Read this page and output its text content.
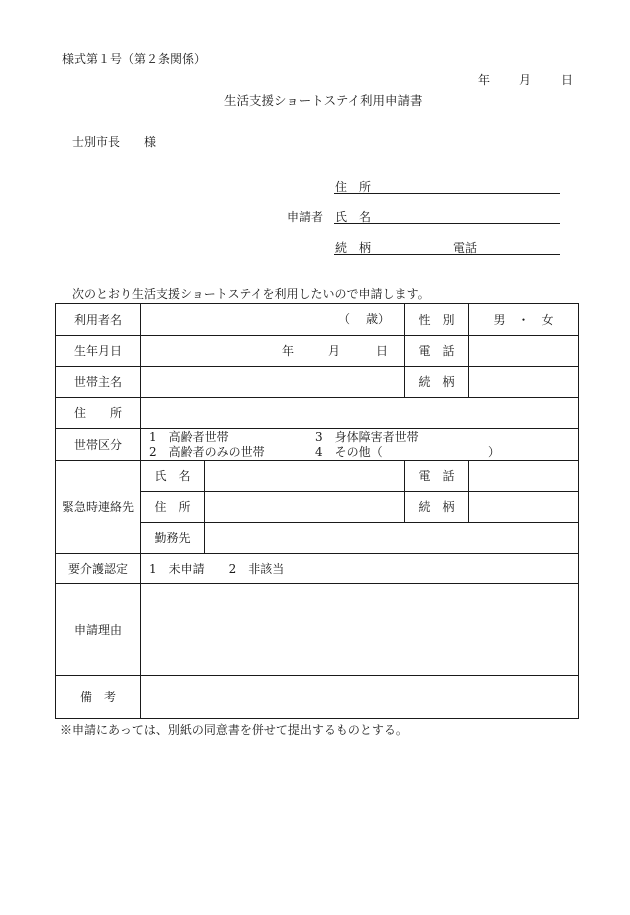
様式第１号（第２条関係）
年 月 日
生活支援ショートステイ利用申請書
士別市長　　様
住　所
申請者 氏　名
続　柄	電話
次のとおり生活支援ショートステイを利用したいので申請します。
利用者名	（ 歳）		性　別	男　・　女
生年月日	年 月 日		電　話	
世帯主名			続　柄	
住　　所				
世帯区分	1　高齢者世帯
2　高齢者のみの世帯
3　身体障害者世帯
4　その他（ ）			

緊急時連絡先	氏　名		電　話	
	住　所		続　柄	
	勤務先			
要介護認定	1　未申請　　2　非該当			
申請理由				
備　考				
※申請にあっては、別紙の同意書を併せて提出するものとする。
